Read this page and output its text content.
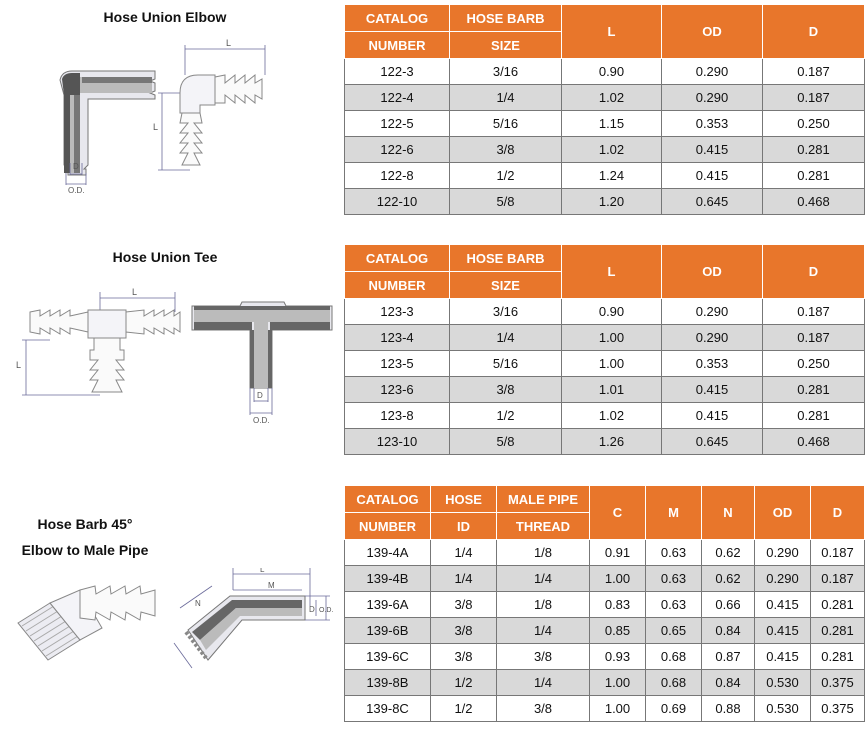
Hose Union Elbow
D
O.D.
L
L
CATALOG	HOSE BARB	L	OD	D
NUMBER	SIZE			
122-3	3/16	0.90	0.290	0.187
122-4	1/4	1.02	0.290	0.187
122-5	5/16	1.15	0.353	0.250
122-6	3/8	1.02	0.415	0.281
122-8	1/2	1.24	0.415	0.281
122-10	5/8	1.20	0.645	0.468
Hose Union Tee
L
L
D
O.D.
CATALOG	HOSE BARB	L	OD	D
NUMBER	SIZE			
123-3	3/16	0.90	0.290	0.187
123-4	1/4	1.00	0.290	0.187
123-5	5/16	1.00	0.353	0.250
123-6	3/8	1.01	0.415	0.281
123-8	1/2	1.02	0.415	0.281
123-10	5/8	1.26	0.645	0.468
Hose Barb 45°
Elbow to Male Pipe
L
M
N
D O.D.
CATALOG	HOSE	MALE PIPE	C	M	N	OD	D
NUMBER	ID	THREAD					
139-4A	1/4	1/8	0.91	0.63	0.62	0.290	0.187
139-4B	1/4	1/4	1.00	0.63	0.62	0.290	0.187
139-6A	3/8	1/8	0.83	0.63	0.66	0.415	0.281
139-6B	3/8	1/4	0.85	0.65	0.84	0.415	0.281
139-6C	3/8	3/8	0.93	0.68	0.87	0.415	0.281
139-8B	1/2	1/4	1.00	0.68	0.84	0.530	0.375
139-8C	1/2	3/8	1.00	0.69	0.88	0.530	0.375
